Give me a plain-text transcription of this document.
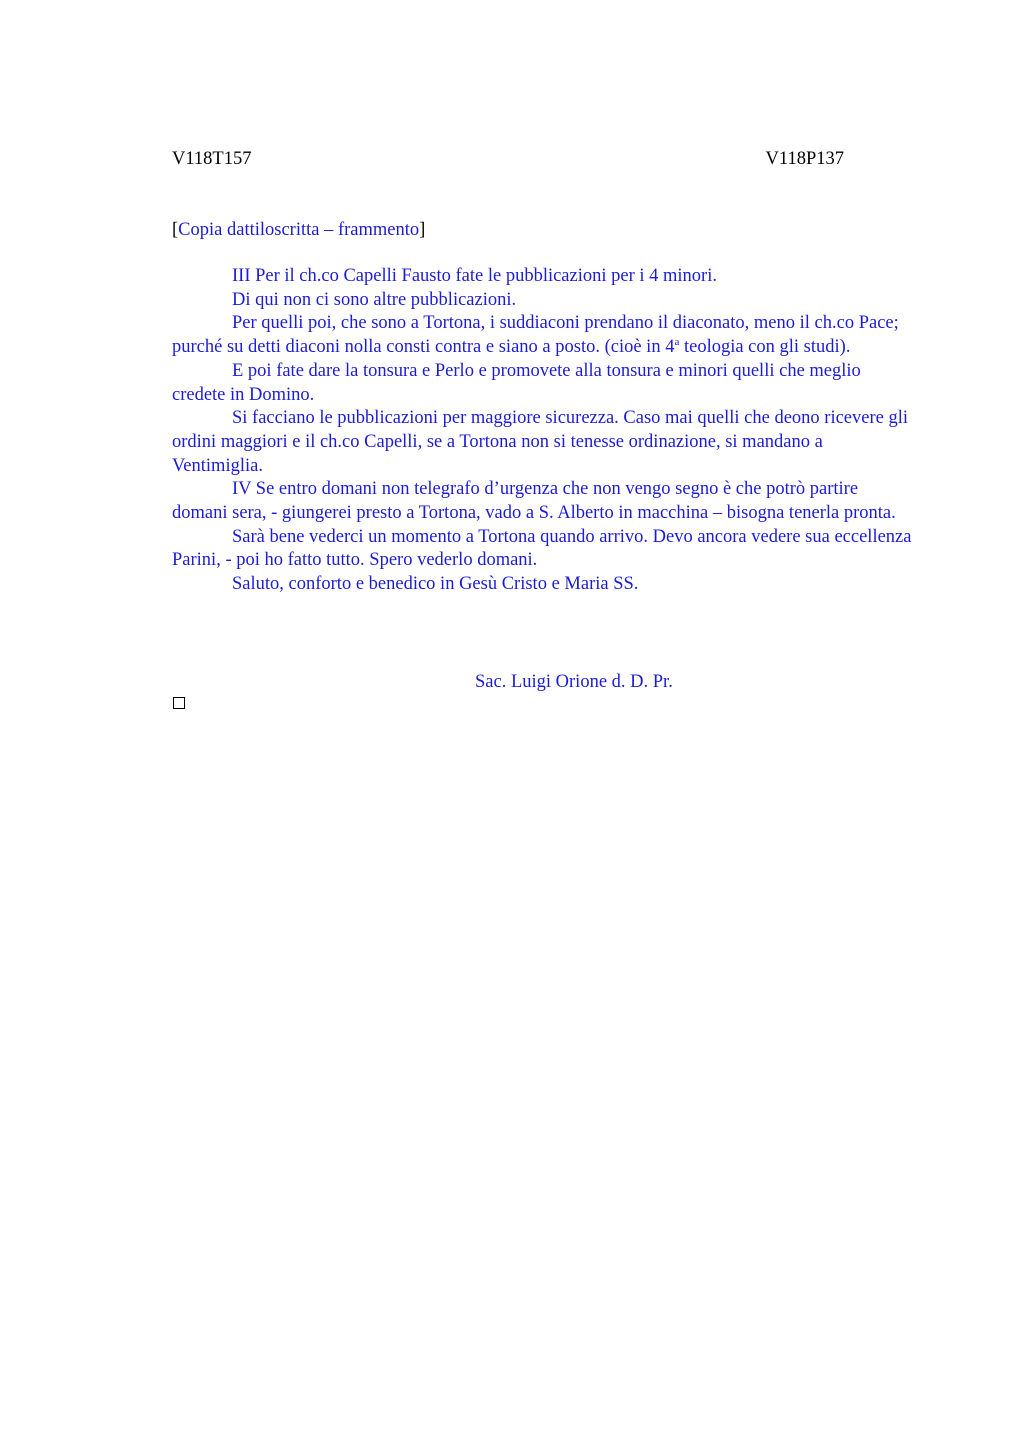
V118T157	V118P137
[Copia dattiloscritta – frammento]

III Per il ch.co Capelli Fausto fate le pubblicazioni per i 4 minori.

Di qui non ci sono altre pubblicazioni.

Per quelli poi, che sono a Tortona, i suddiaconi prendano il diaconato, meno il ch.co Pace; purché su detti diaconi nolla consti contra e siano a posto. (cioè in 4$^a$ teologia con gli studi).

E poi fate dare la tonsura e Perlo e promovete alla tonsura e minori quelli che meglio credete in Domino.

Si facciano le pubblicazioni per maggiore sicurezza. Caso mai quelli che deono ricevere gli ordini maggiori e il ch.co Capelli, se a Tortona non si tenesse ordinazione, si mandano a Ventimiglia.

IV Se entro domani non telegrafo d’urgenza che non vengo segno è che potrò partire domani sera, - giungerei presto a Tortona, vado a S. Alberto in macchina – bisogna tenerla pronta.

Sarà bene vederci un momento a Tortona quando arrivo. Devo ancora vedere sua eccellenza Parini, - poi ho fatto tutto. Spero vederlo domani.

Saluto, conforto e benedico in Gesù Cristo e Maria SS.

Sac. Luigi Orione d. D. Pr.
